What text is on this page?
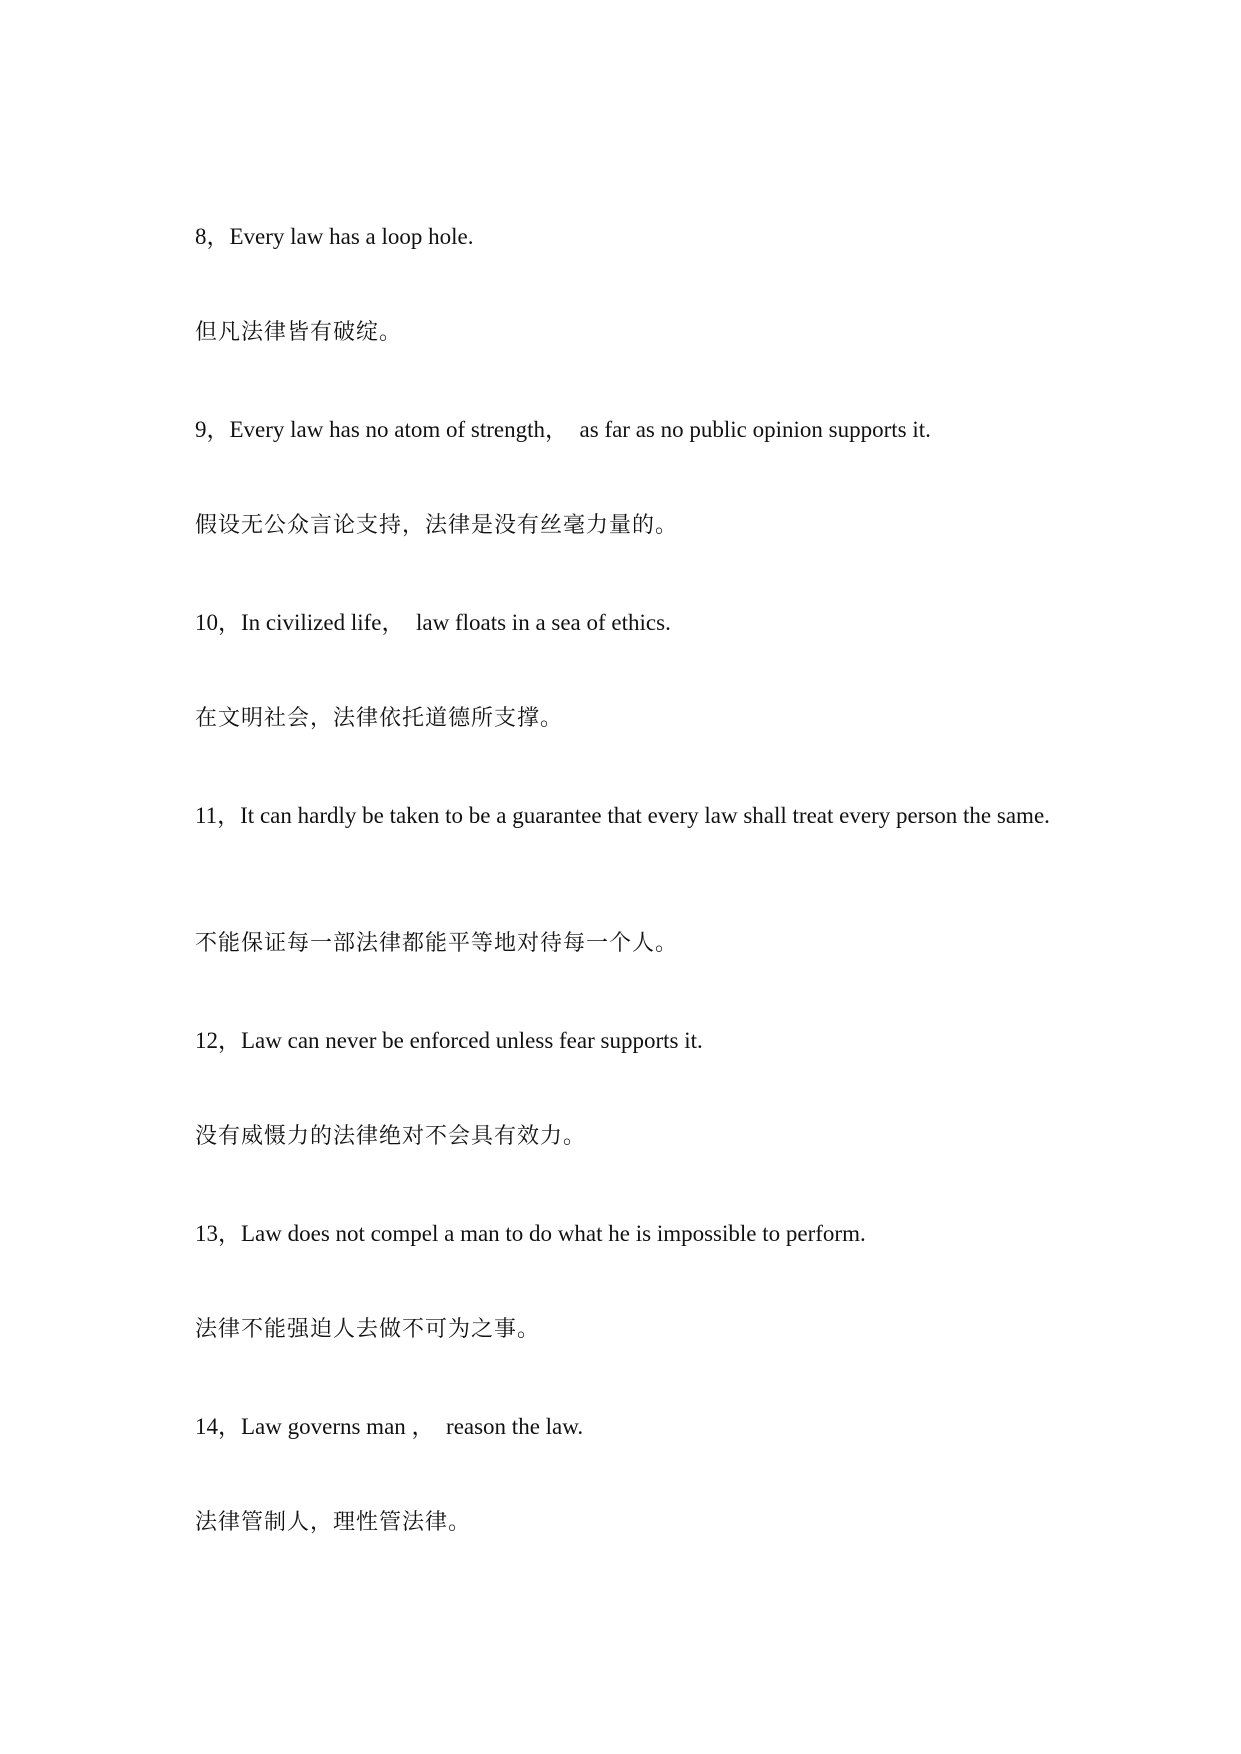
8，Every law has a loop hole.

但凡法律皆有破绽。

9，Every law has no atom of strength，  as far as no public opinion supports it.

假设无公众言论支持，法律是没有丝毫力量的。

10，In civilized life，  law floats in a sea of ethics.

在文明社会，法律依托道德所支撑。

11，It can hardly be taken to be a guarantee that every law shall treat every person the same.

不能保证每一部法律都能平等地对待每一个人。

12，Law can never be enforced unless fear supports it.

没有威慑力的法律绝对不会具有效力。

13，Law does not compel a man to do what he is impossible to perform.

法律不能强迫人去做不可为之事。

14，Law governs man ，  reason the law.

法律管制人，理性管法律。
